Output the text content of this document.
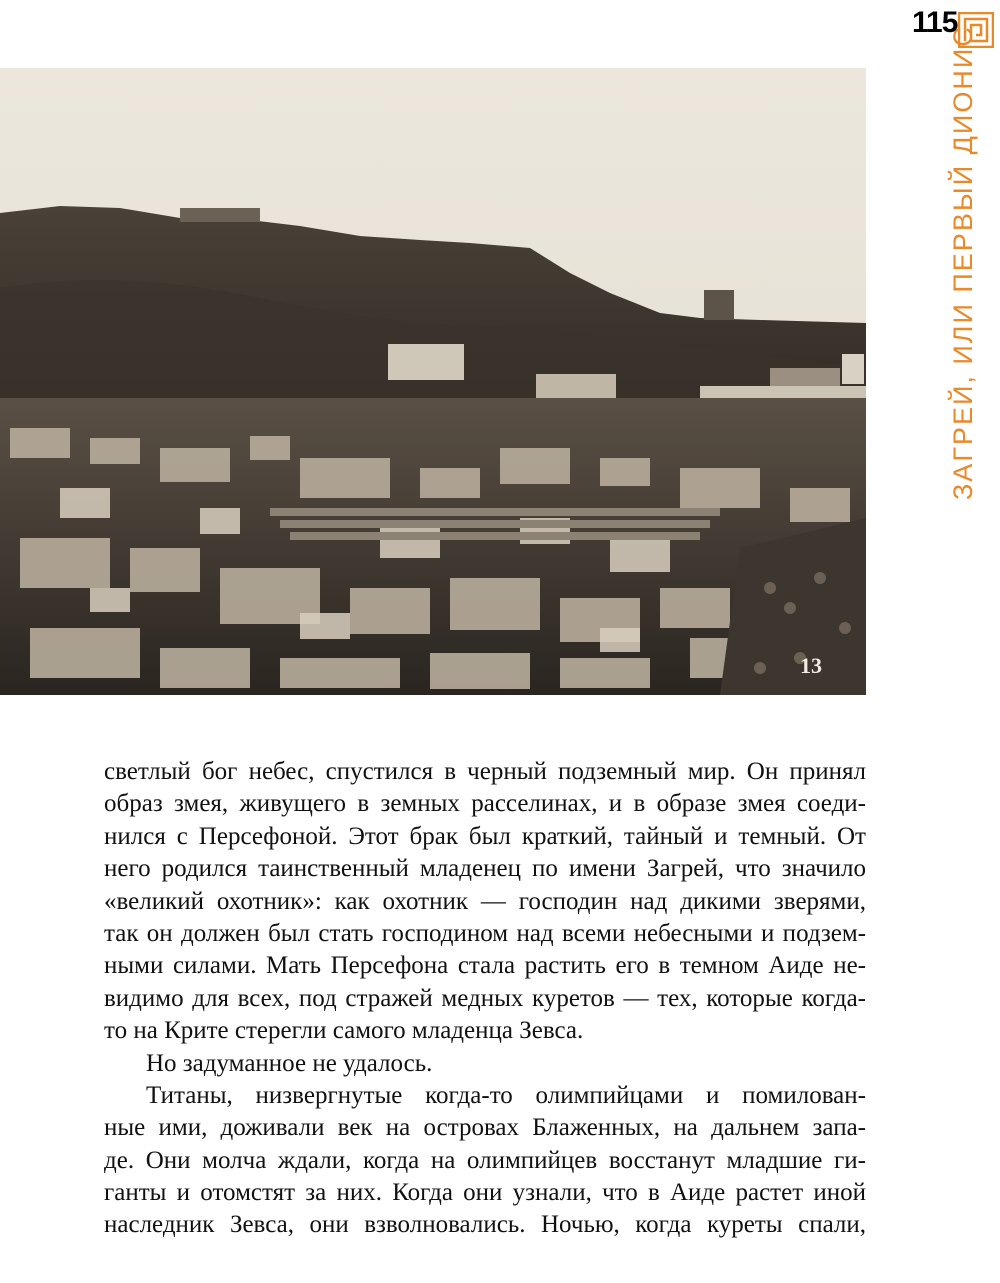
115
ЗАГРЕЙ, ИЛИ ПЕРВЫЙ ДИОНИС
13
светлый бог небес, спустился в черный подземный мир. Он принял
образ змея, живущего в земных расселинах, и в образе змея соеди-
нился с Персефоной. Этот брак был краткий, тайный и темный. От
него родился таинственный младенец по имени Загрей, что значило
«великий охотник»: как охотник — господин над дикими зверями,
так он должен был стать господином над всеми небесными и подзем-
ными силами. Мать Персефона стала растить его в темном Аиде не-
видимо для всех, под стражей медных куретов — тех, которые когда-
то на Крите стерегли самого младенца Зевса.
Но задуманное не удалось.
Титаны, низвергнутые когда-то олимпийцами и помилован-
ные ими, доживали век на островах Блаженных, на дальнем запа-
де. Они молча ждали, когда на олимпийцев восстанут младшие ги-
ганты и отомстят за них. Когда они узнали, что в Аиде растет иной
наследник Зевса, они взволновались. Ночью, когда куреты спали,
